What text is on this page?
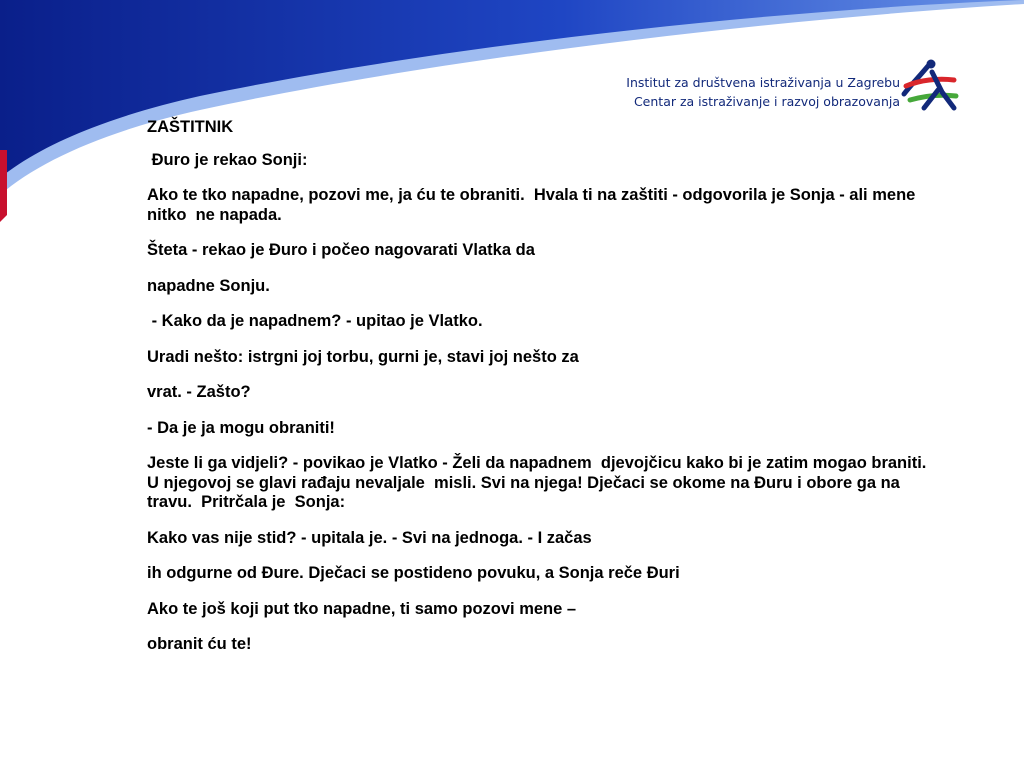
Institut za društvena istraživanja u Zagrebu
Centar za istraživanje i razvoj obrazovanja

ZAŠTITNIK

Đuro je rekao Sonji:

Ako te tko napadne, pozovi me, ja ću te obraniti.  Hvala ti na zaštiti - odgovorila je Sonja - ali mene nitko  ne napada.

Šteta - rekao je Đuro i počeo nagovarati Vlatka da

napadne Sonju.

- Kako da je napadnem? - upitao je Vlatko.

Uradi nešto: istrgni joj torbu, gurni je, stavi joj nešto za

vrat. - Zašto?

- Da je ja mogu obraniti!

Jeste li ga vidjeli? - povikao je Vlatko - Želi da napadnem  djevojčicu kako bi je zatim mogao braniti. U njegovoj se glavi rađaju nevaljale  misli. Svi na njega! Dječaci se okome na Đuru i obore ga na travu.  Pritrčala je  Sonja:

Kako vas nije stid? - upitala je. - Svi na jednoga. - I začas

ih odgurne od Đure. Dječaci se postideno povuku, a Sonja reče Đuri

Ako te još koji put tko napadne, ti samo pozovi mene –

obranit ću te!
